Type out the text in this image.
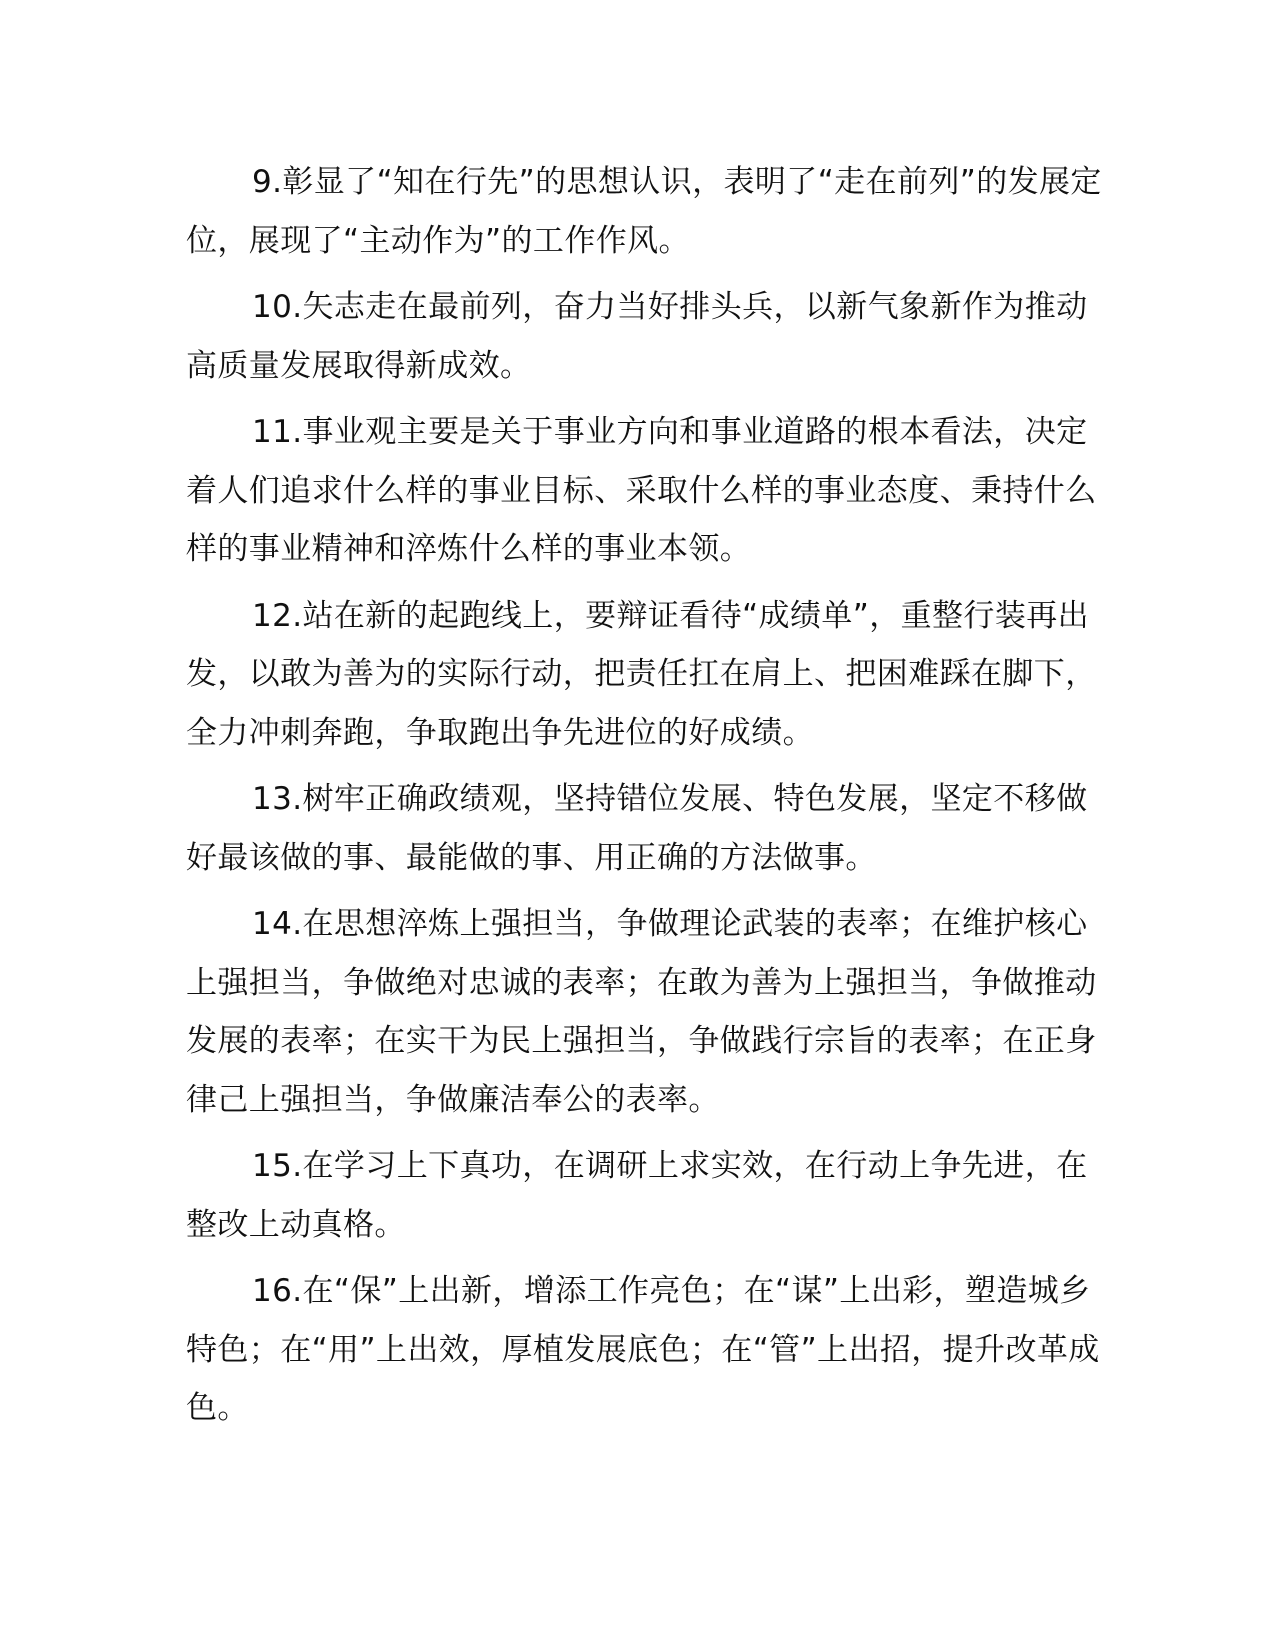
9.彰显了“知在行先”的思想认识，表明了“走在前列”的发展定位，展现了“主动作为”的工作作风。

10.矢志走在最前列，奋力当好排头兵，以新气象新作为推动高质量发展取得新成效。

11.事业观主要是关于事业方向和事业道路的根本看法，决定着人们追求什么样的事业目标、采取什么样的事业态度、秉持什么样的事业精神和淬炼什么样的事业本领。

12.站在新的起跑线上，要辩证看待“成绩单”，重整行装再出发，以敢为善为的实际行动，把责任扛在肩上、把困难踩在脚下，全力冲刺奔跑，争取跑出争先进位的好成绩。

13.树牢正确政绩观，坚持错位发展、特色发展，坚定不移做好最该做的事、最能做的事、用正确的方法做事。

14.在思想淬炼上强担当，争做理论武装的表率；在维护核心上强担当，争做绝对忠诚的表率；在敢为善为上强担当，争做推动发展的表率；在实干为民上强担当，争做践行宗旨的表率；在正身律己上强担当，争做廉洁奉公的表率。

15.在学习上下真功，在调研上求实效，在行动上争先进，在整改上动真格。

16.在“保”上出新，增添工作亮色；在“谋”上出彩，塑造城乡特色；在“用”上出效，厚植发展底色；在“管”上出招，提升改革成色。
